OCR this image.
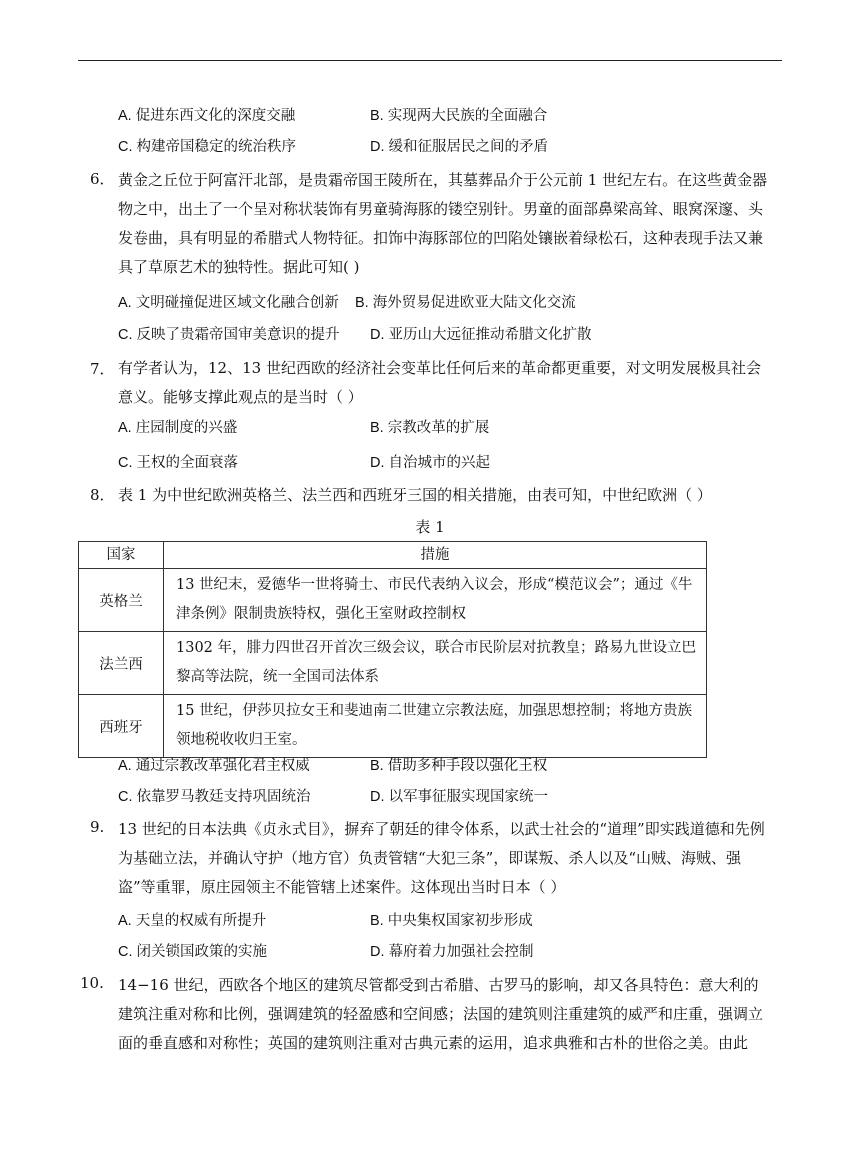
A. 促进东西文化的深度交融	B. 实现两大民族的全面融合
C. 构建帝国稳定的统治秩序	D. 缓和征服居民之间的矛盾
6． 黄金之丘位于阿富汗北部，是贵霜帝国王陵所在，其墓葬品介于公元前 1 世纪左右。在这些黄金器物之中，出土了一个呈对称状装饰有男童骑海豚的镂空别针。男童的面部鼻梁高耸、眼窝深邃、头发卷曲，具有明显的希腊式人物特征。扣饰中海豚部位的凹陷处镶嵌着绿松石，这种表现手法又兼具了草原艺术的独特性。据此可知( )
A. 文明碰撞促进区域文化融合创新 B. 海外贸易促进欧亚大陆文化交流
C. 反映了贵霜帝国审美意识的提升 D. 亚历山大远征推动希腊文化扩散
7． 有学者认为，12、13 世纪西欧的经济社会变革比任何后来的革命都更重要，对文明发展极具社会意义。能够支撑此观点的是当时（ ）
A. 庄园制度的兴盛	B. 宗教改革的扩展
C. 王权的全面衰落	D. 自治城市的兴起
8． 表 1 为中世纪欧洲英格兰、法兰西和西班牙三国的相关措施，由表可知，中世纪欧洲（ ）
表 1
国家	措施
英格兰	13 世纪末，爱德华一世将骑士、市民代表纳入议会，形成“模范议会”；通过《牛津条例》限制贵族特权，强化王室财政控制权
法兰西	1302 年，腓力四世召开首次三级会议，联合市民阶层对抗教皇；路易九世设立巴黎高等法院，统一全国司法体系
西班牙	15 世纪，伊莎贝拉女王和斐迪南二世建立宗教法庭，加强思想控制；将地方贵族领地税收收归王室。
A. 通过宗教改革强化君主权威	B. 借助多种手段以强化王权
C. 依靠罗马教廷支持巩固统治	D. 以军事征服实现国家统一
9. 13 世纪的日本法典《贞永式目》，摒弃了朝廷的律令体系，以武士社会的“道理”即实践道德和先例为基础立法，并确认守护（地方官）负责管辖“大犯三条”，即谋叛、杀人以及“山贼、海贼、强盗”等重罪，原庄园领主不能管辖上述案件。这体现出当时日本（ ）
A. 天皇的权威有所提升	B. 中央集权国家初步形成
C. 闭关锁国政策的实施	D. 幕府着力加强社会控制
10. 14−16 世纪，西欧各个地区的建筑尽管都受到古希腊、古罗马的影响，却又各具特色：意大利的建筑注重对称和比例，强调建筑的轻盈感和空间感；法国的建筑则注重建筑的威严和庄重，强调立面的垂直感和对称性；英国的建筑则注重对古典元素的运用，追求典雅和古朴的世俗之美。由此
